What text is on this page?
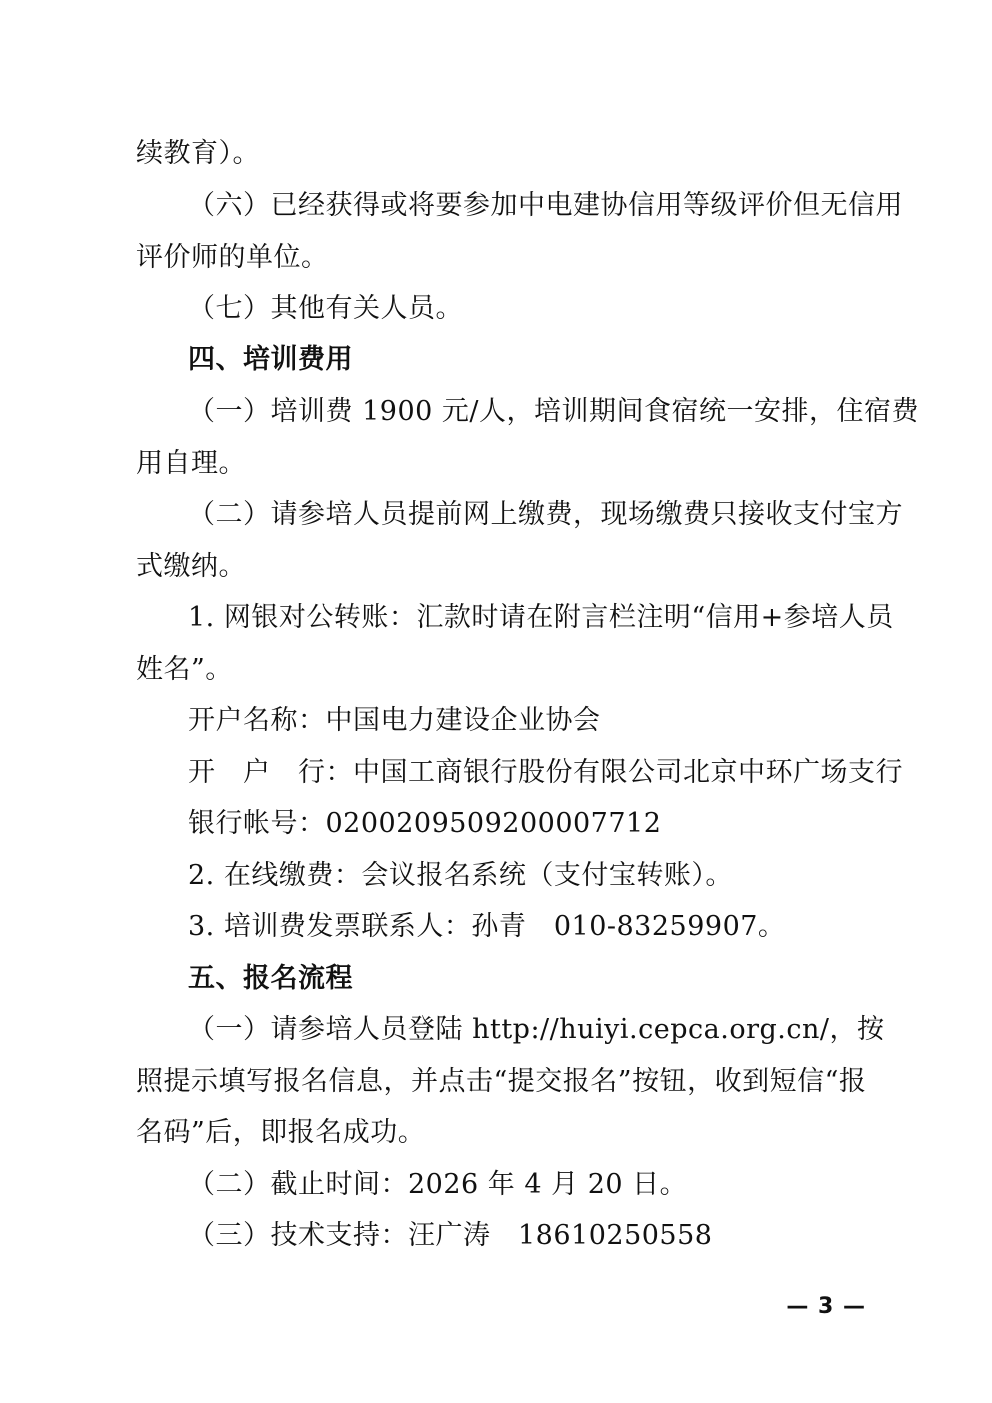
续教育）。
（六）已经获得或将要参加中电建协信用等级评价但无信用
评价师的单位。
（七）其他有关人员。
四、培训费用
（一）培训费 1900 元/人，培训期间食宿统一安排，住宿费
用自理。
（二）请参培人员提前网上缴费，现场缴费只接收支付宝方
式缴纳。
1. 网银对公转账：汇款时请在附言栏注明“信用+参培人员
姓名”。
开户名称：中国电力建设企业协会
开　户　行：中国工商银行股份有限公司北京中环广场支行
银行帐号：0200209509200007712
2. 在线缴费：会议报名系统（支付宝转账）。
3. 培训费发票联系人：孙青　010-83259907。
五、报名流程
（一）请参培人员登陆 http://huiyi.cepca.org.cn/，按
照提示填写报名信息，并点击“提交报名”按钮，收到短信“报
名码”后，即报名成功。
（二）截止时间：2026 年 4 月 20 日。
（三）技术支持：汪广涛　18610250558
— 3 —
